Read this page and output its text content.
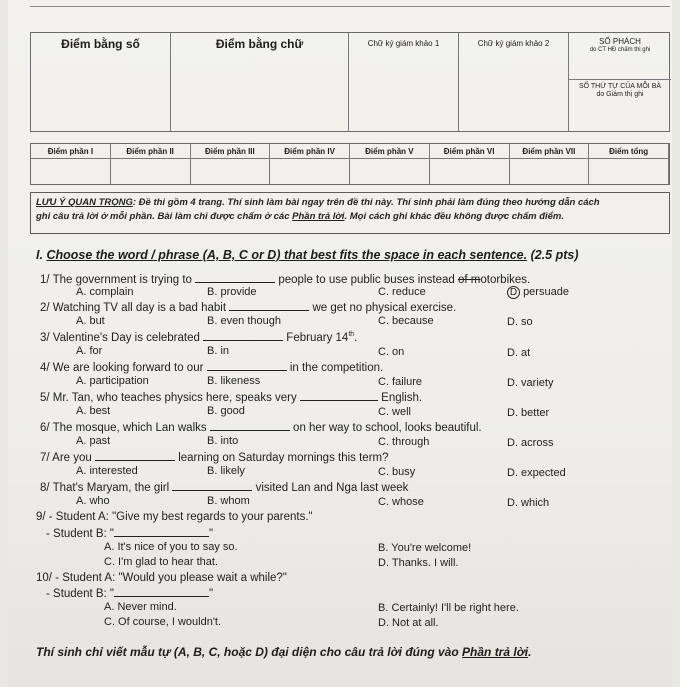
Điểm bằng số	Điểm bằng chữ	Chữ ký giám khảo 1	Chữ ký giám khảo 2	SỐ PHÁCH
do CT HĐ chấm thi ghi
SỐ THỨ TỰ CỦA MỖI BÀ
do Giám thị ghi
Điểm phần I	Điểm phần II	Điểm phần III	Điểm phần IV	Điểm phần V	Điểm phần VI	Điểm phần VII	Điểm tổng
LƯU Ý QUAN TRỌNG: Đề thi gồm 4 trang. Thí sinh làm bài ngay trên đề thi này. Thí sinh phải làm đúng theo hướng dẫn cách
ghi câu trả lời ở mỗi phần. Bài làm chỉ được chấm ở các Phần trả lời. Mọi cách ghi khác đều không được chấm điểm.
I. Choose the word / phrase (A, B, C or D) that best fits the space in each sentence. (2.5 pts)
1/ The government is trying to	people to use public buses instead of motorbikes.
A. complain	B. provide	C. reduce	D persuade
2/ Watching TV all day is a bad habit	we get no physical exercise.
A. but	B. even though	C. because	D. so
3/ Valentine's Day is celebrated	February 14th.
A. for	B. in	C. on	D. at
4/ We are looking forward to our	in the competition.
A. participation	B. likeness	C. failure	D. variety
5/ Mr. Tan, who teaches physics here, speaks very	English.
A. best	B. good	C. well	D. better
6/ The mosque, which Lan walks	on her way to school, looks beautiful.
A. past	B. into	C. through	D. across
7/ Are you	learning on Saturday mornings this term?
A. interested	B. likely	C. busy	D. expected
8/ That's Maryam, the girl	visited Lan and Nga last week
A. who	B. whom	C. whose	D. which
9/ - Student A: "Give my best regards to your parents."
- Student B: "	"
A. It's nice of you to say so.	B. You're welcome!
C. I'm glad to hear that.	D. Thanks. I will.
10/ - Student A: "Would you please wait a while?"
- Student B: "	"
A. Never mind.	B. Certainly! I'll be right here.
C. Of course, I wouldn't.	D. Not at all.
Thí sinh chỉ viết mẫu tự (A, B, C, hoặc D) đại diện cho câu trả lời đúng vào Phần trả lời.
